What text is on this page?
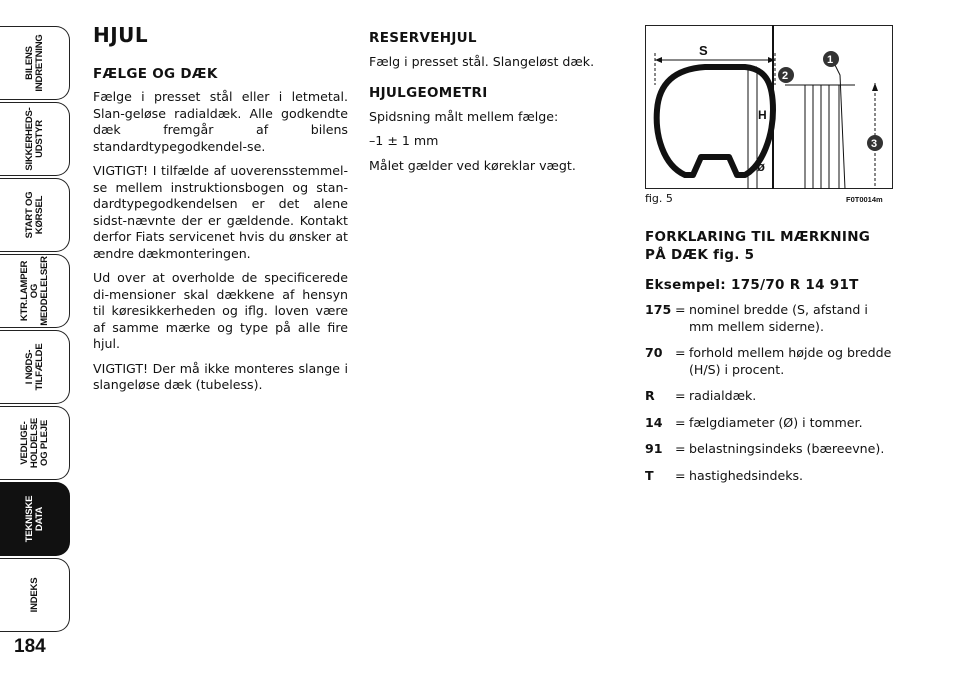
BILENS
INDRETNING
SIKKERHEDS-
UDSTYR
START OG
KØRSEL
KTR.LAMPER
OG
MEDDELELSER
I NØDS-
TILFÆLDE
VEDLIGE-
HOLDELSE
OG PLEJE
TEKNISKE
DATA
INDEKS
184
HJUL
FÆLGE OG DÆK

Fælge i presset stål eller i letmetal. Slan-geløse radialdæk. Alle godkendte dæk fremgår af bilens standardtypegodkendel-se.

VIGTIGT! I tilfælde af uoverensstemmel-se mellem instruktionsbogen og stan-dardtypegodkendelsen er det alene sidst-nævnte der er gældende. Kontakt derfor Fiats servicenet hvis du ønsker at ændre dækmonteringen.

Ud over at overholde de specificerede di-mensioner skal dækkene af hensyn til køresikkerheden og iflg. loven være af samme mærke og type på alle fire hjul.

VIGTIGT! Der må ikke monteres slange i slangeløse dæk (tubeless).

RESERVEHJUL

Fælg i presset stål. Slangeløst dæk.

HJULGEOMETRI

Spidsning målt mellem fælge:

–1 ± 1 mm

Målet gælder ved køreklar vægt.

S
H
ø
1
2
3
fig. 5	F0T0014m
FORKLARING TIL MÆRKNING
PÅ DÆK fig. 5
Eksempel: 175/70 R 14 91T
175 = nominel bredde (S, afstand i mm mellem siderne).
70 = forhold mellem højde og bredde (H/S) i procent.
R	= radialdæk.
14 = fælgdiameter (Ø) i tommer.
91 = belastningsindeks (bæreevne).
T	= hastighedsindeks.
